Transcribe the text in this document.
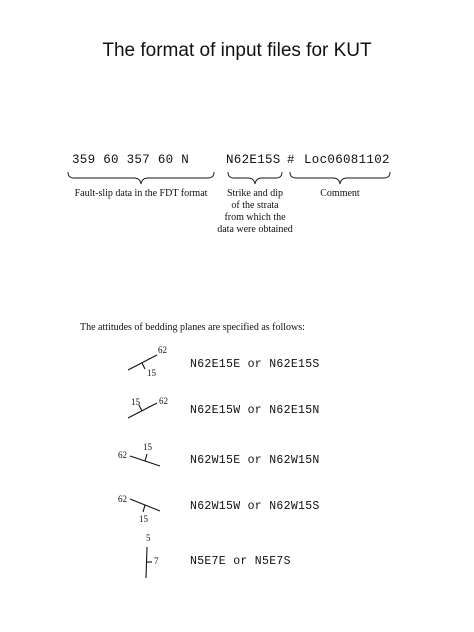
The format of input files for KUT
359 60 357 60 N	N62E15S # Loc06081102
Fault-slip data in the FDT format	Strike and dip
of the strata
from which the
data were obtained
Comment
The attitudes of bedding planes are specified as follows:
62
15
62
15
62
15
62
15
5
7
N62E15E or N62E15S
N62E15W or N62E15N
N62W15E or N62W15N
N62W15W or N62W15S
N5E7E or N5E7S
